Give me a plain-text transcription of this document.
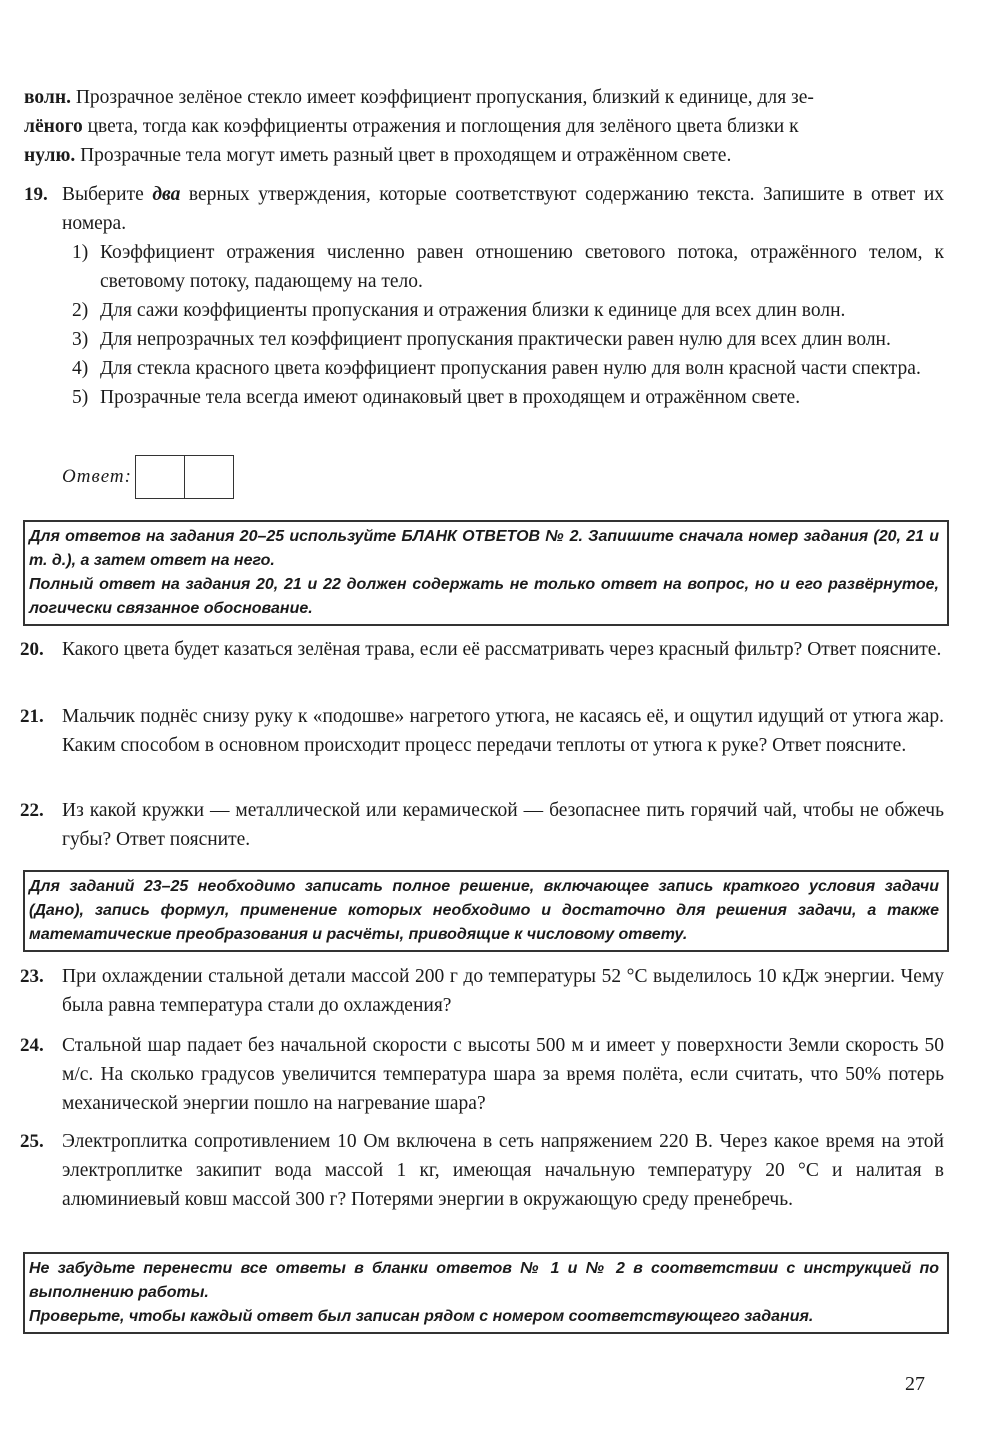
волн. Прозрачное зелёное стекло имеет коэффициент пропускания, близкий к единице, для зе-
лёного цвета, тогда как коэффициенты отражения и поглощения для зелёного цвета близки к
нулю. Прозрачные тела могут иметь разный цвет в проходящем и отражённом свете.
19. Выберите два верных утверждения, которые соответствуют содержанию текста. Запишите в ответ их номера.
1) Коэффициент отражения численно равен отношению светового потока, отражённого телом, к световому потоку, падающему на тело.
2) Для сажи коэффициенты пропускания и отражения близки к единице для всех длин волн.
3) Для непрозрачных тел коэффициент пропускания практически равен нулю для всех длин волн.
4) Для стекла красного цвета коэффициент пропускания равен нулю для волн красной части спектра.
5) Прозрачные тела всегда имеют одинаковый цвет в проходящем и отражённом свете.
Ответ:

Для ответов на задания 20–25 используйте БЛАНК ОТВЕТОВ № 2. Запишите сначала номер задания (20, 21 и т. д.), а затем ответ на него.

Полный ответ на задания 20, 21 и 22 должен содержать не только ответ на вопрос, но и его развёрнутое, логически связанное обоснование.

20. Какого цвета будет казаться зелёная трава, если её рассматривать через красный фильтр? Ответ поясните.
21. Мальчик поднёс снизу руку к «подошве» нагретого утюга, не касаясь её, и ощутил идущий от утюга жар. Каким способом в основном происходит процесс передачи теплоты от утюга к руке? Ответ поясните.
22. Из какой кружки — металлической или керамической — безопаснее пить горячий чай, чтобы не обжечь губы? Ответ поясните.

Для заданий 23–25 необходимо записать полное решение, включающее запись краткого условия задачи (Дано), запись формул, применение которых необходимо и достаточно для решения задачи, а также математические преобразования и расчёты, приводящие к числовому ответу.

23. При охлаждении стальной детали массой 200 г до температуры 52 °С выделилось 10 кДж энергии. Чему была равна температура стали до охлаждения?
24. Стальной шар падает без начальной скорости с высоты 500 м и имеет у поверхности Земли скорость 50 м/с. На сколько градусов увеличится температура шара за время полёта, если считать, что 50% потерь механической энергии пошло на нагревание шара?
25. Электроплитка сопротивлением 10 Ом включена в сеть напряжением 220 В. Через какое время на этой электроплитке закипит вода массой 1 кг, имеющая начальную температуру 20 °С и налитая в алюминиевый ковш массой 300 г? Потерями энергии в окружающую среду пренебречь.

Не забудьте перенести все ответы в бланки ответов № 1 и № 2 в соответствии с инструкцией по выполнению работы.

Проверьте, чтобы каждый ответ был записан рядом с номером соответствующего задания.

27
